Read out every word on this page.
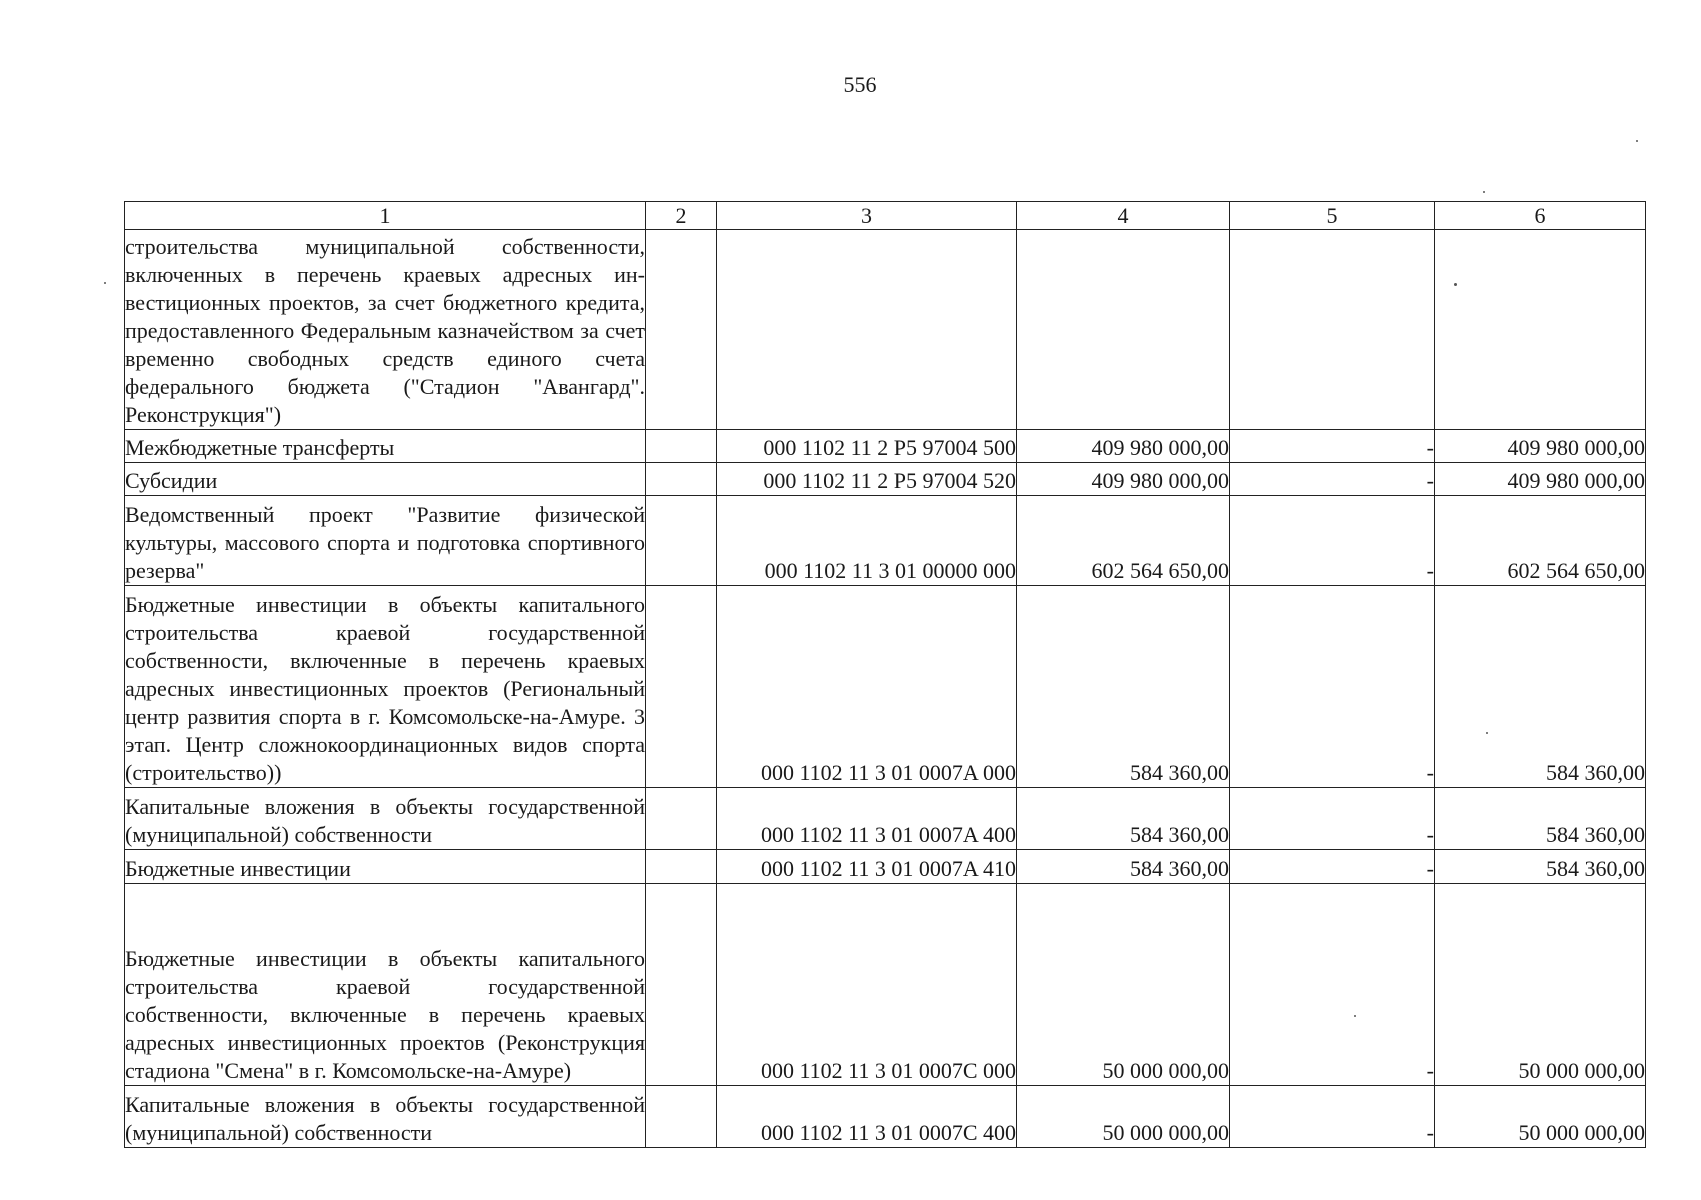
556
1	2	3	4	5	6
строительства муниципальной собственности, включенных в перечень краевых адресных инвестиционных проектов, за счет бюджетного кредита, предоставленного Федеральным казначейством за счет временно свободных средств единого счета федерального бюджета ("Стадион "Авангард". Реконструкция")					
Межбюджетные трансферты		000 1102 11 2 P5 97004 500	409 980 000,00	-	409 980 000,00
Субсидии		000 1102 11 2 P5 97004 520	409 980 000,00	-	409 980 000,00
Ведомственный проект "Развитие физической культуры, массового спорта и подготовка спортивного резерва"		000 1102 11 3 01 00000 000	602 564 650,00	-	602 564 650,00
Бюджетные инвестиции в объекты капитального строительства краевой государственной собственности, включенные в перечень краевых адресных инвестиционных проектов (Региональный центр развития спорта в г. Комсомольске-на-Амуре. 3 этап. Центр сложнокоординационных видов спорта (строительство))		000 1102 11 3 01 0007A 000	584 360,00	-	584 360,00
Капитальные вложения в объекты государственной (муниципальной) собственности		000 1102 11 3 01 0007A 400	584 360,00	-	584 360,00
Бюджетные инвестиции		000 1102 11 3 01 0007A 410	584 360,00	-	584 360,00
Бюджетные инвестиции в объекты капитального строительства краевой государственной собственности, включенные в перечень краевых адресных инвестиционных проектов (Реконструкция стадиона "Смена" в г. Комсомольске-на-Амуре)		000 1102 11 3 01 0007C 000	50 000 000,00	-	50 000 000,00
Капитальные вложения в объекты государственной (муниципальной) собственности		000 1102 11 3 01 0007C 400	50 000 000,00	-	50 000 000,00
